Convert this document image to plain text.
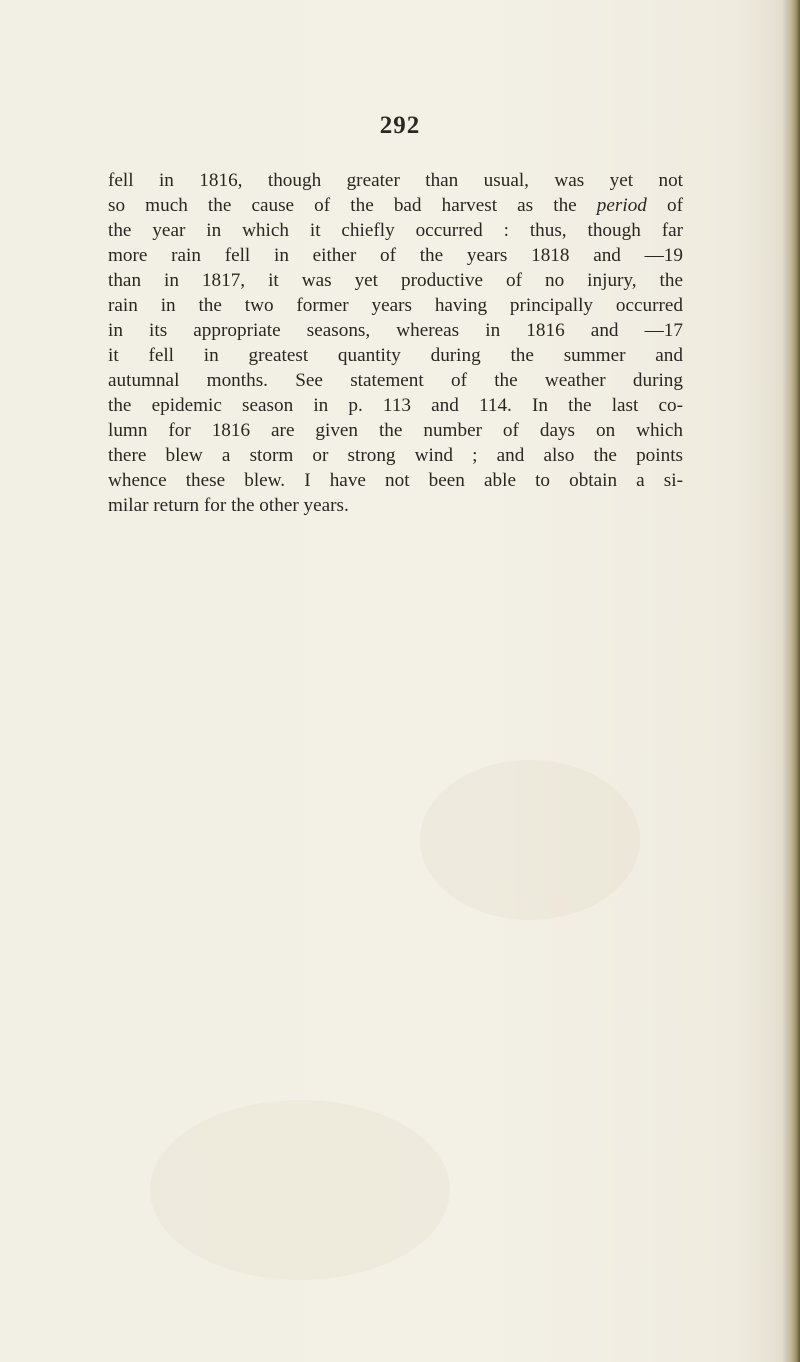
292
fell in 1816, though greater than usual, was yet not
so much the cause of the bad harvest as the period of
the year in which it chiefly occurred : thus, though far
more rain fell in either of the years 1818 and —19
than in 1817, it was yet productive of no injury, the
rain in the two former years having principally occurred
in its appropriate seasons, whereas in 1816 and —17
it fell in greatest quantity during the summer and
autumnal months. See statement of the weather during
the epidemic season in p. 113 and 114. In the last co-
lumn for 1816 are given the number of days on which
there blew a storm or strong wind ; and also the points
whence these blew. I have not been able to obtain a si-
milar return for the other years.
